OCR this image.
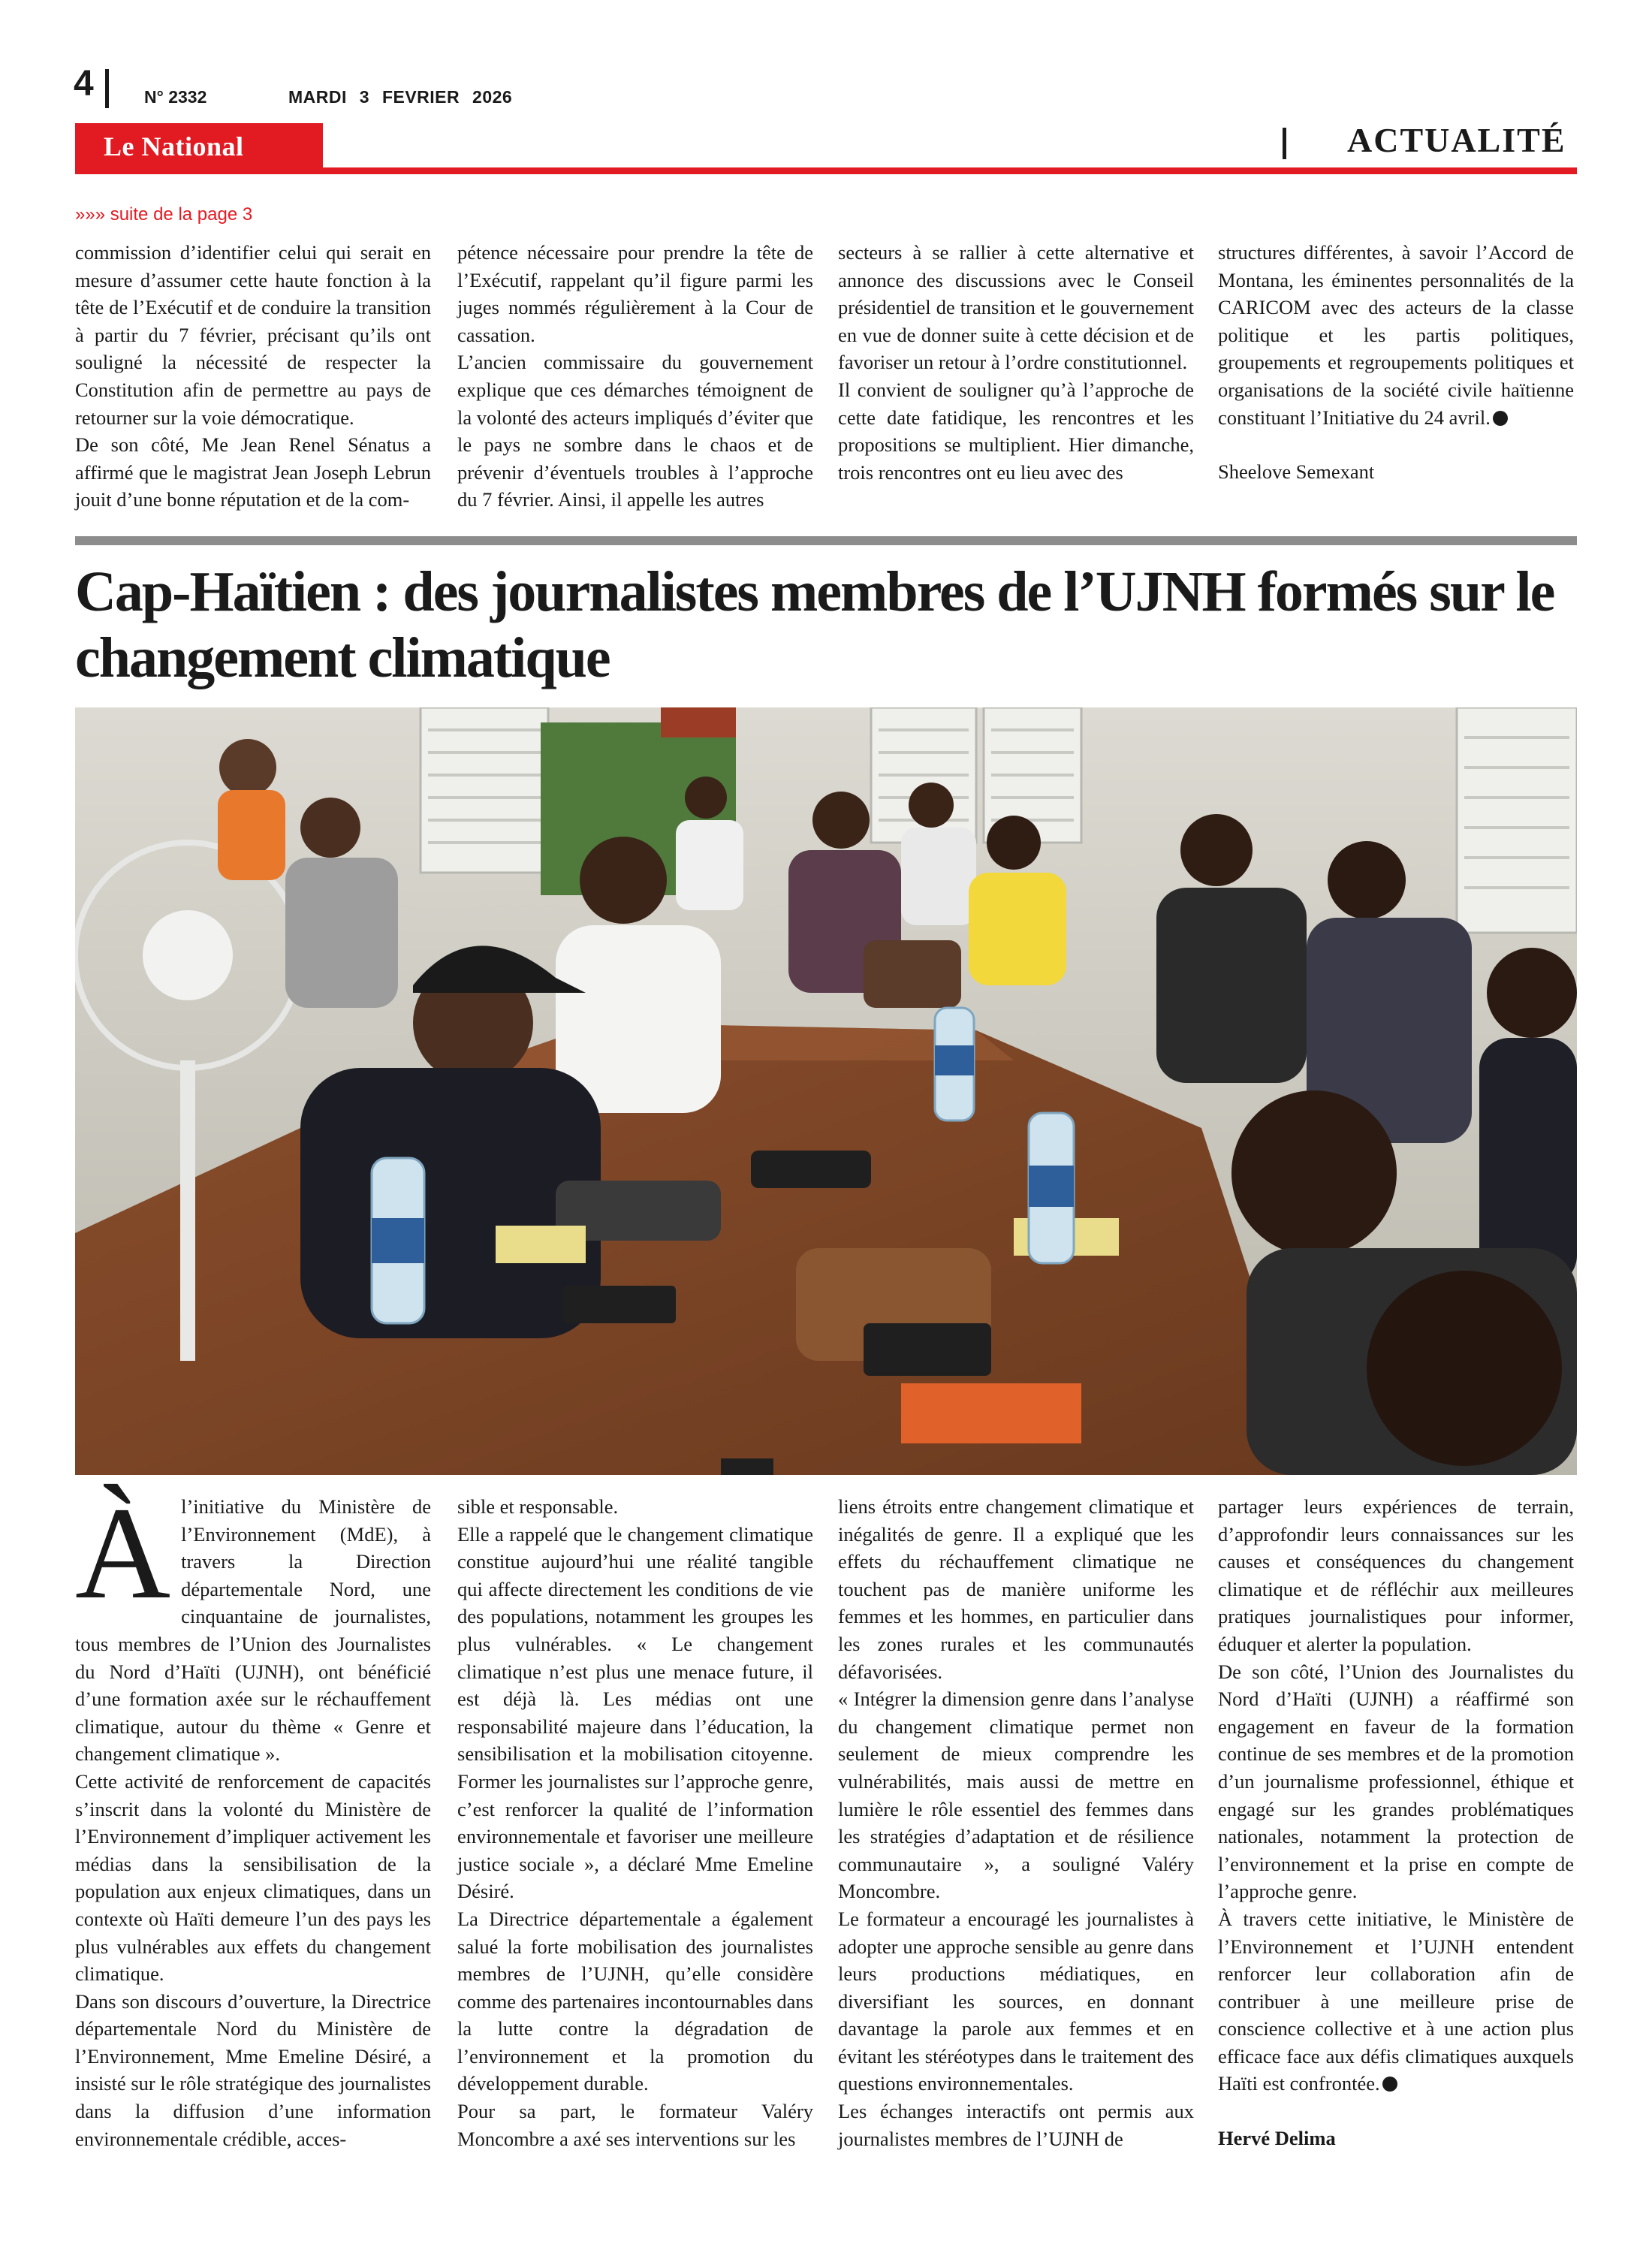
4	N° 2332	MARDI 3 FEVRIER 2026
Le National	ACTUALITÉ
»»» suite de la page 3

commission d’identifier celui qui serait en mesure d’assumer cette haute fonction à la tête de l’Exécutif et de conduire la transition à partir du 7 février, précisant qu’ils ont souligné la nécessité de respecter la Constitution afin de permettre au pays de retourner sur la voie démocratique.

De son côté, Me Jean Renel Sénatus a affirmé que le magistrat Jean Joseph Lebrun jouit d’une bonne réputation et de la com-

pétence nécessaire pour prendre la tête de l’Exécutif, rappelant qu’il figure parmi les juges nommés régulièrement à la Cour de cassation.

L’ancien commissaire du gouvernement explique que ces démarches témoignent de la volonté des acteurs impliqués d’éviter que le pays ne sombre dans le chaos et de prévenir d’éventuels troubles à l’approche du 7 février. Ainsi, il appelle les autres

secteurs à se rallier à cette alternative et annonce des discussions avec le Conseil présidentiel de transition et le gouvernement en vue de donner suite à cette décision et de favoriser un retour à l’ordre constitutionnel.

Il convient de souligner qu’à l’approche de cette date fatidique, les rencontres et les propositions se multiplient. Hier dimanche, trois rencontres ont eu lieu avec des

structures différentes, à savoir l’Accord de Montana, les éminentes personnalités de la CARICOM avec des acteurs de la classe politique et les partis politiques, groupements et regroupements politiques et organisations de la société civile haïtienne constituant l’Initiative du 24 avril.

Sheelove Semexant

Cap-Haïtien : des journalistes membres de l’UJNH formés sur le changement climatique
À l’initiative du Ministère de l’Environnement (MdE), à travers la Direction départementale Nord, une cinquantaine de journalistes, tous membres de l’Union des Journalistes du Nord d’Haïti (UJNH), ont bénéficié d’une formation axée sur le réchauffement climatique, autour du thème « Genre et changement climatique ».

Cette activité de renforcement de capacités s’inscrit dans la volonté du Ministère de l’Environnement d’impliquer activement les médias dans la sensibilisation de la population aux enjeux climatiques, dans un contexte où Haïti demeure l’un des pays les plus vulnérables aux effets du changement climatique.

Dans son discours d’ouverture, la Directrice départementale Nord du Ministère de l’Environnement, Mme Emeline Désiré, a insisté sur le rôle stratégique des journalistes dans la diffusion d’une information environnementale crédible, acces-

sible et responsable.

Elle a rappelé que le changement climatique constitue aujourd’hui une réalité tangible qui affecte directement les conditions de vie des populations, notamment les groupes les plus vulnérables. « Le changement climatique n’est plus une menace future, il est déjà là. Les médias ont une responsabilité majeure dans l’éducation, la sensibilisation et la mobilisation citoyenne. Former les journalistes sur l’approche genre, c’est renforcer la qualité de l’information environnementale et favoriser une meilleure justice sociale », a déclaré Mme Emeline Désiré.

La Directrice départementale a également salué la forte mobilisation des journalistes membres de l’UJNH, qu’elle considère comme des partenaires incontournables dans la lutte contre la dégradation de l’environnement et la promotion du développement durable.

Pour sa part, le formateur Valéry Moncombre a axé ses interventions sur les

liens étroits entre changement climatique et inégalités de genre. Il a expliqué que les effets du réchauffement climatique ne touchent pas de manière uniforme les femmes et les hommes, en particulier dans les zones rurales et les communautés défavorisées.

« Intégrer la dimension genre dans l’analyse du changement climatique permet non seulement de mieux comprendre les vulnérabilités, mais aussi de mettre en lumière le rôle essentiel des femmes dans les stratégies d’adaptation et de résilience communautaire », a souligné Valéry Moncombre.

Le formateur a encouragé les journalistes à adopter une approche sensible au genre dans leurs productions médiatiques, en diversifiant les sources, en donnant davantage la parole aux femmes et en évitant les stéréotypes dans le traitement des questions environnementales.

Les échanges interactifs ont permis aux journalistes membres de l’UJNH de

partager leurs expériences de terrain, d’approfondir leurs connaissances sur les causes et conséquences du changement climatique et de réfléchir aux meilleures pratiques journalistiques pour informer, éduquer et alerter la population.

De son côté, l’Union des Journalistes du Nord d’Haïti (UJNH) a réaffirmé son engagement en faveur de la formation continue de ses membres et de la promotion d’un journalisme professionnel, éthique et engagé sur les grandes problématiques nationales, notamment la protection de l’environnement et la prise en compte de l’approche genre.

À travers cette initiative, le Ministère de l’Environnement et l’UJNH entendent renforcer leur collaboration afin de contribuer à une meilleure prise de conscience collective et à une action plus efficace face aux défis climatiques auxquels Haïti est confrontée.

Hervé Delima
